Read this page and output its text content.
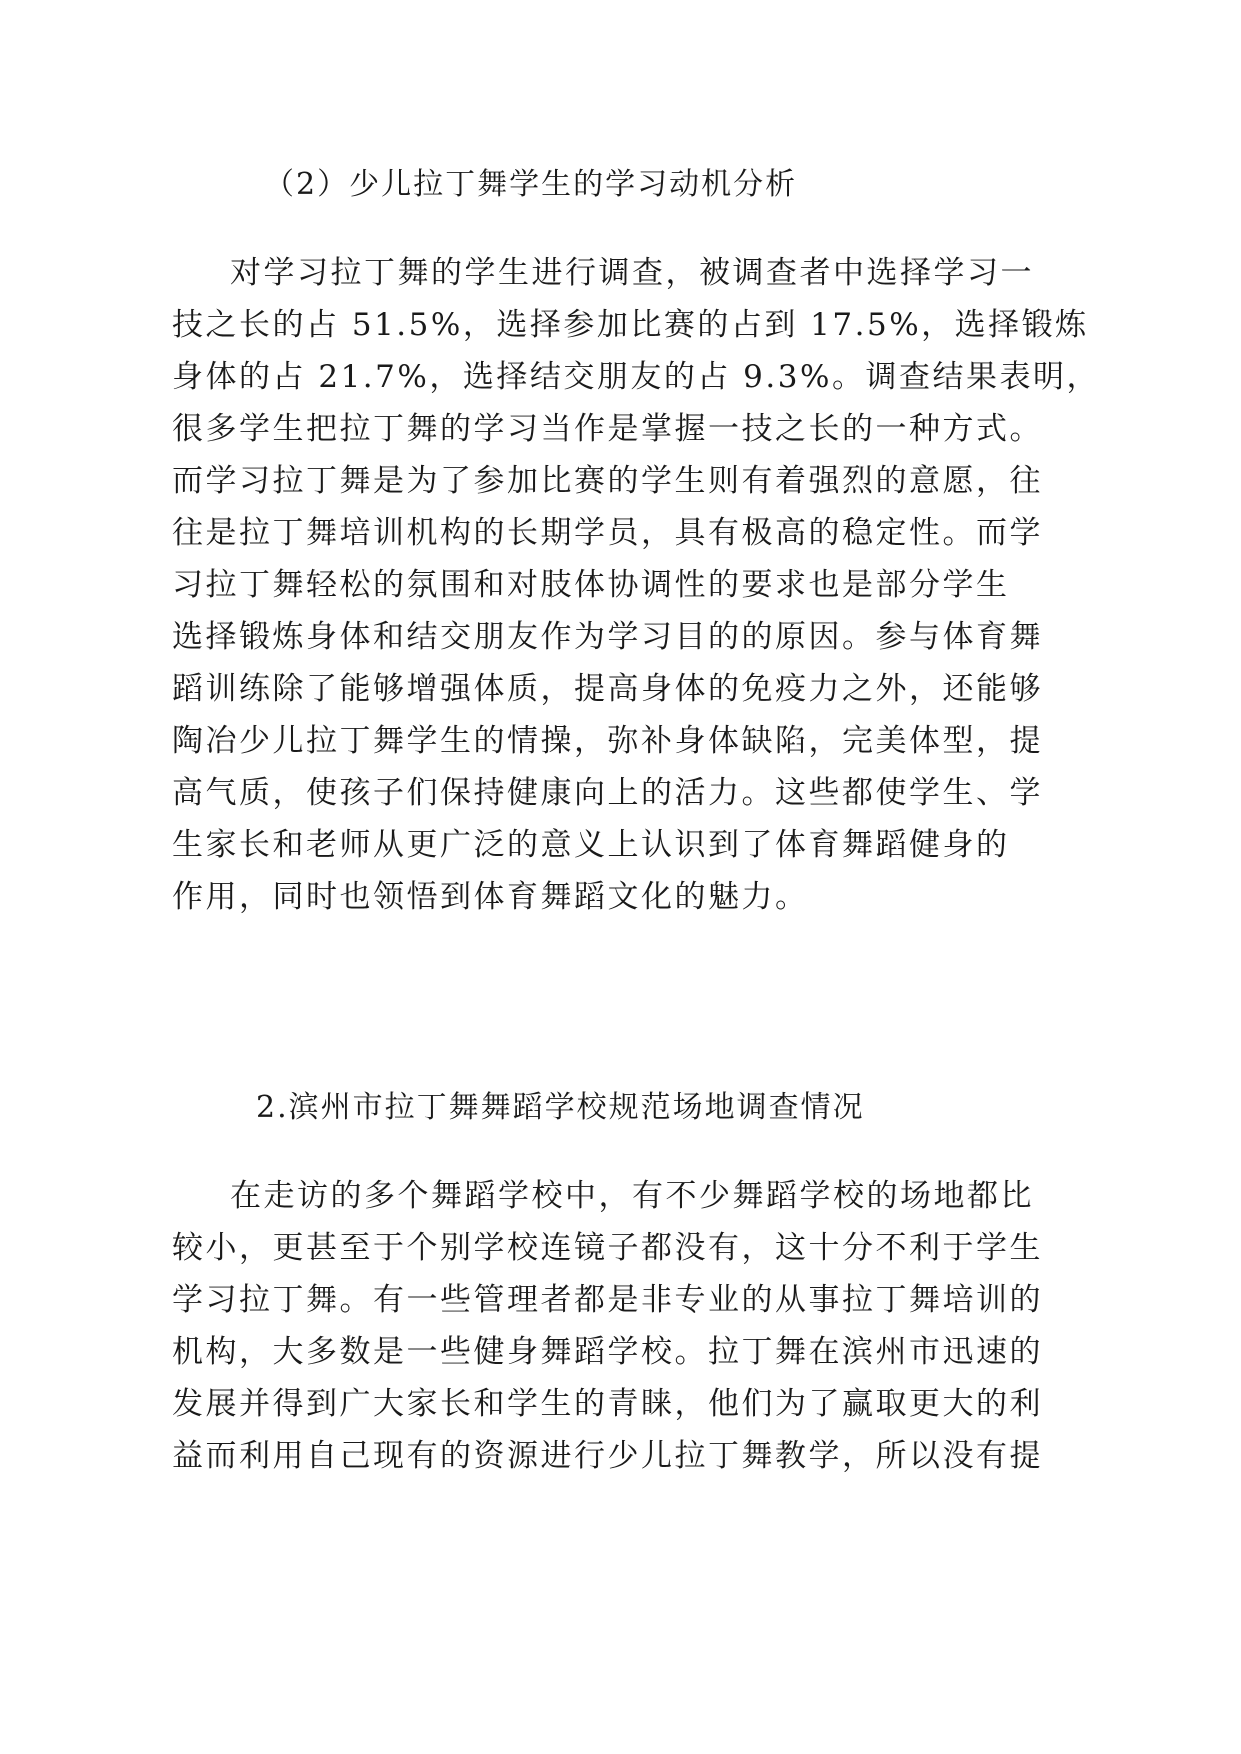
（2）少儿拉丁舞学生的学习动机分析
对学习拉丁舞的学生进行调查，被调查者中选择学习一
技之长的占 51.5%，选择参加比赛的占到 17.5%，选择锻炼
身体的占 21.7%，选择结交朋友的占 9.3%。调查结果表明，
很多学生把拉丁舞的学习当作是掌握一技之长的一种方式。
而学习拉丁舞是为了参加比赛的学生则有着强烈的意愿，往
往是拉丁舞培训机构的长期学员，具有极高的稳定性。而学
习拉丁舞轻松的氛围和对肢体协调性的要求也是部分学生
选择锻炼身体和结交朋友作为学习目的的原因。参与体育舞
蹈训练除了能够增强体质，提高身体的免疫力之外，还能够
陶冶少儿拉丁舞学生的情操，弥补身体缺陷，完美体型，提
高气质，使孩子们保持健康向上的活力。这些都使学生、学
生家长和老师从更广泛的意义上认识到了体育舞蹈健身的
作用，同时也领悟到体育舞蹈文化的魅力。
2.滨州市拉丁舞舞蹈学校规范场地调查情况
在走访的多个舞蹈学校中，有不少舞蹈学校的场地都比
较小，更甚至于个别学校连镜子都没有，这十分不利于学生
学习拉丁舞。有一些管理者都是非专业的从事拉丁舞培训的
机构，大多数是一些健身舞蹈学校。拉丁舞在滨州市迅速的
发展并得到广大家长和学生的青睐，他们为了赢取更大的利
益而利用自己现有的资源进行少儿拉丁舞教学，所以没有提
